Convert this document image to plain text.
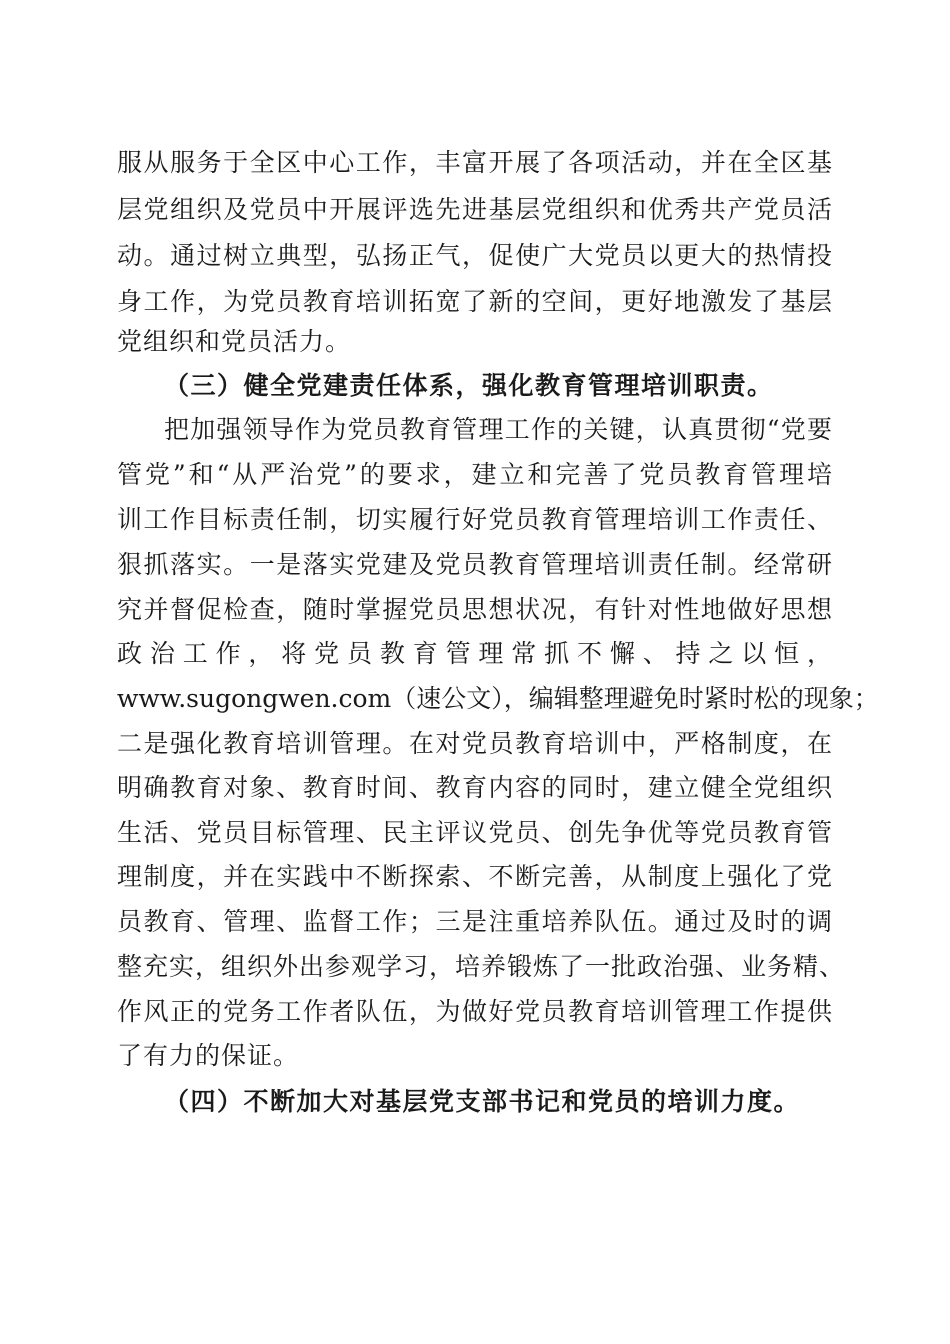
服从服务于全区中心工作，丰富开展了各项活动，并在全区基
层党组织及党员中开展评选先进基层党组织和优秀共产党员活
动。通过树立典型，弘扬正气，促使广大党员以更大的热情投
身工作，为党员教育培训拓宽了新的空间，更好地激发了基层
党组织和党员活力。
（三）健全党建责任体系，强化教育管理培训职责。
把加强领导作为党员教育管理工作的关键，认真贯彻“党要
管党”和“从严治党”的要求，建立和完善了党员教育管理培
训工作目标责任制，切实履行好党员教育管理培训工作责任、
狠抓落实。一是落实党建及党员教育管理培训责任制。经常研
究并督促检查，随时掌握党员思想状况，有针对性地做好思想
政治工作，将党员教育管理常抓不懈、持之以恒，
www.sugongwen.com（速公文），编辑整理避免时紧时松的现象；
二是强化教育培训管理。在对党员教育培训中，严格制度，在
明确教育对象、教育时间、教育内容的同时，建立健全党组织
生活、党员目标管理、民主评议党员、创先争优等党员教育管
理制度，并在实践中不断探索、不断完善，从制度上强化了党
员教育、管理、监督工作；三是注重培养队伍。通过及时的调
整充实，组织外出参观学习，培养锻炼了一批政治强、业务精、
作风正的党务工作者队伍，为做好党员教育培训管理工作提供
了有力的保证。
（四）不断加大对基层党支部书记和党员的培训力度。
